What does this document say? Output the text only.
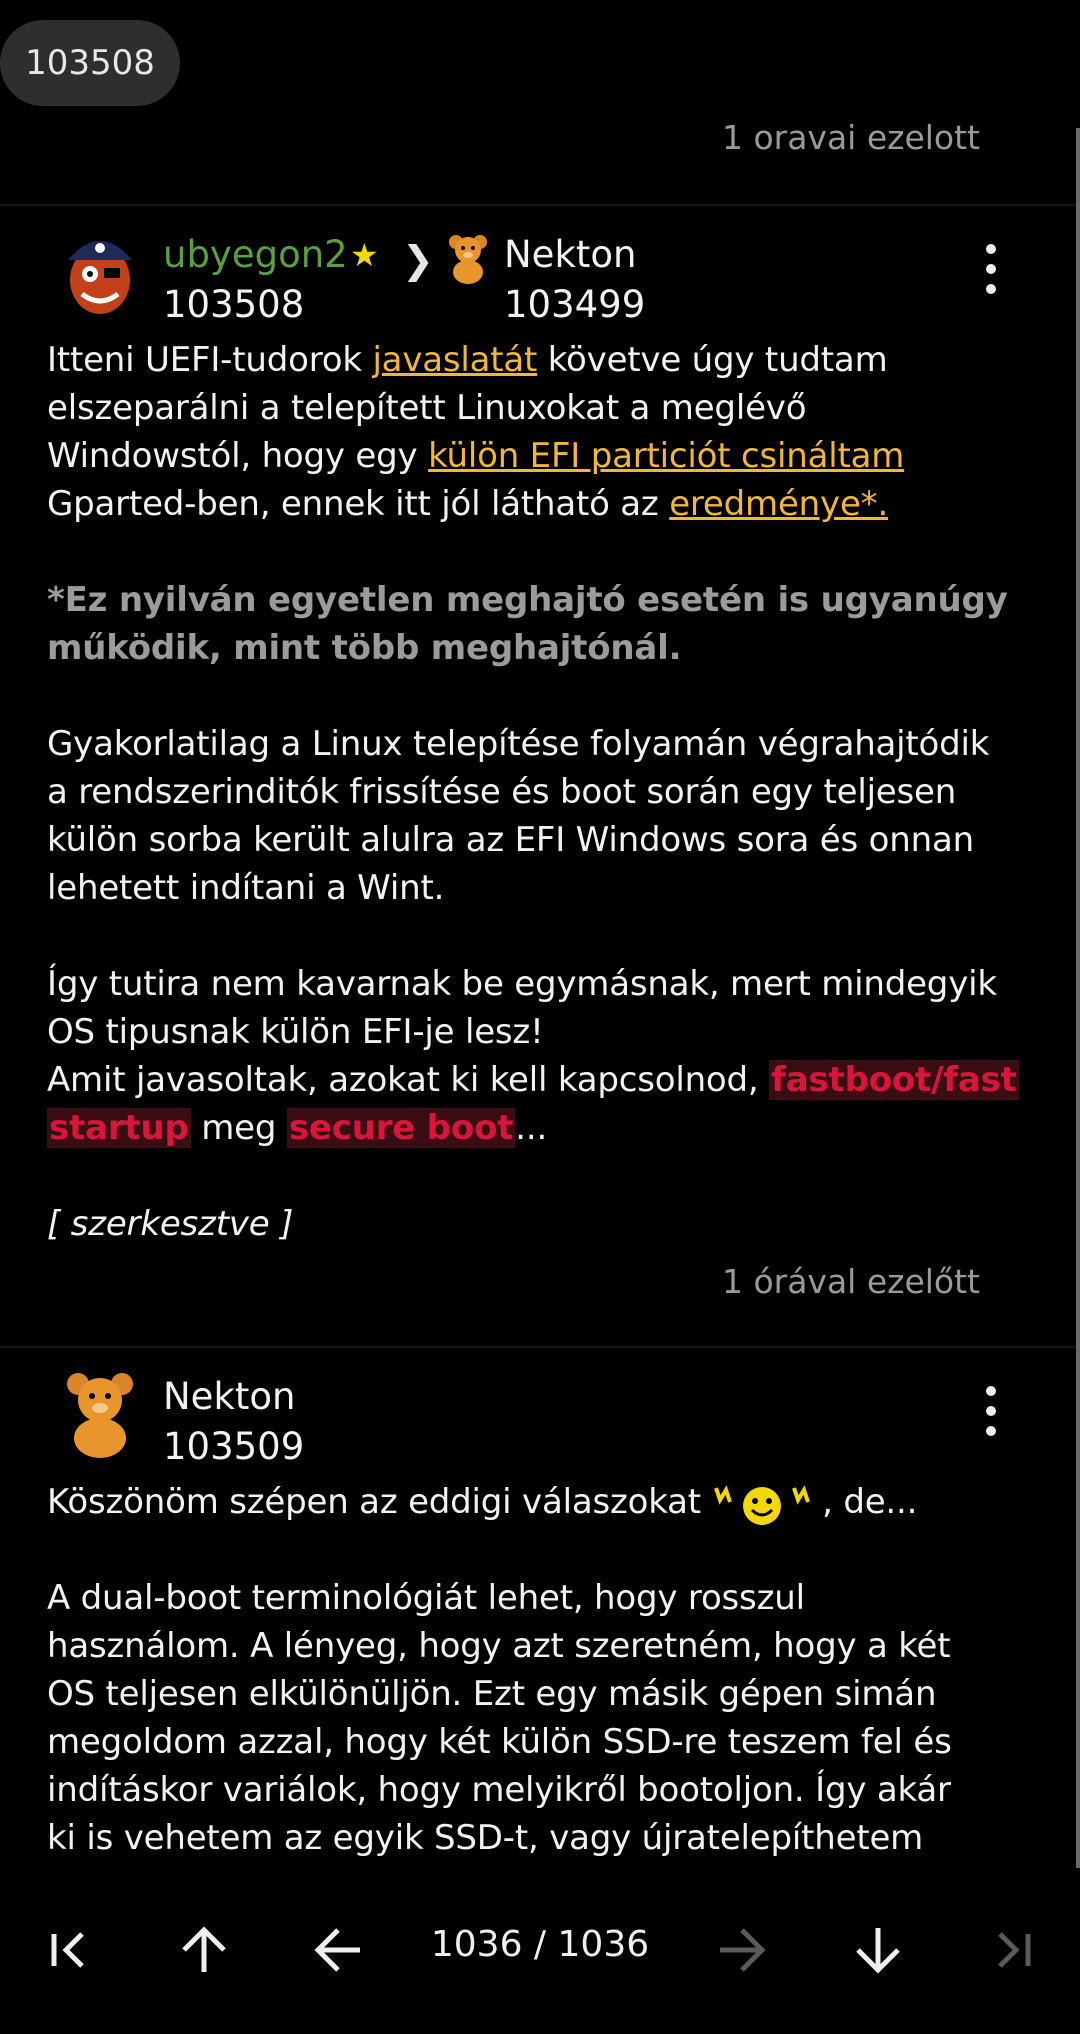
103508
1 oravai ezelott
ubyegon2 ★
103508
❯ Nekton
103499

Itteni UEFI-tudorok javaslatát követve úgy tudtam

elszeparálni a telepített Linuxokat a meglévő

Windowstól, hogy egy külön EFI particiót csináltam

Gparted-ben, ennek itt jól látható az eredménye*.

*Ez nyilván egyetlen meghajtó esetén is ugyanúgy

működik, mint több meghajtónál.

Gyakorlatilag a Linux telepítése folyamán végrahajtódik

a rendszerinditók frissítése és boot során egy teljesen

külön sorba került alulra az EFI Windows sora és onnan

lehetett indítani a Wint.

Így tutira nem kavarnak be egymásnak, mert mindegyik

OS tipusnak külön EFI-je lesz!

Amit javasoltak, azokat ki kell kapcsolnod, fastboot/fast

startup meg secure boot...

[ szerkesztve ]

1 órával ezelőtt
Nekton
103509

Köszönöm szépen az eddigi válaszokat	, de...

A dual-boot terminológiát lehet, hogy rosszul

használom. A lényeg, hogy azt szeretném, hogy a két

OS teljesen elkülönüljön. Ezt egy másik gépen simán

megoldom azzal, hogy két külön SSD-re teszem fel és

indításkor variálok, hogy melyikről bootoljon. Így akár

ki is vehetem az egyik SSD-t, vagy újratelepíthetem

1036 / 1036
